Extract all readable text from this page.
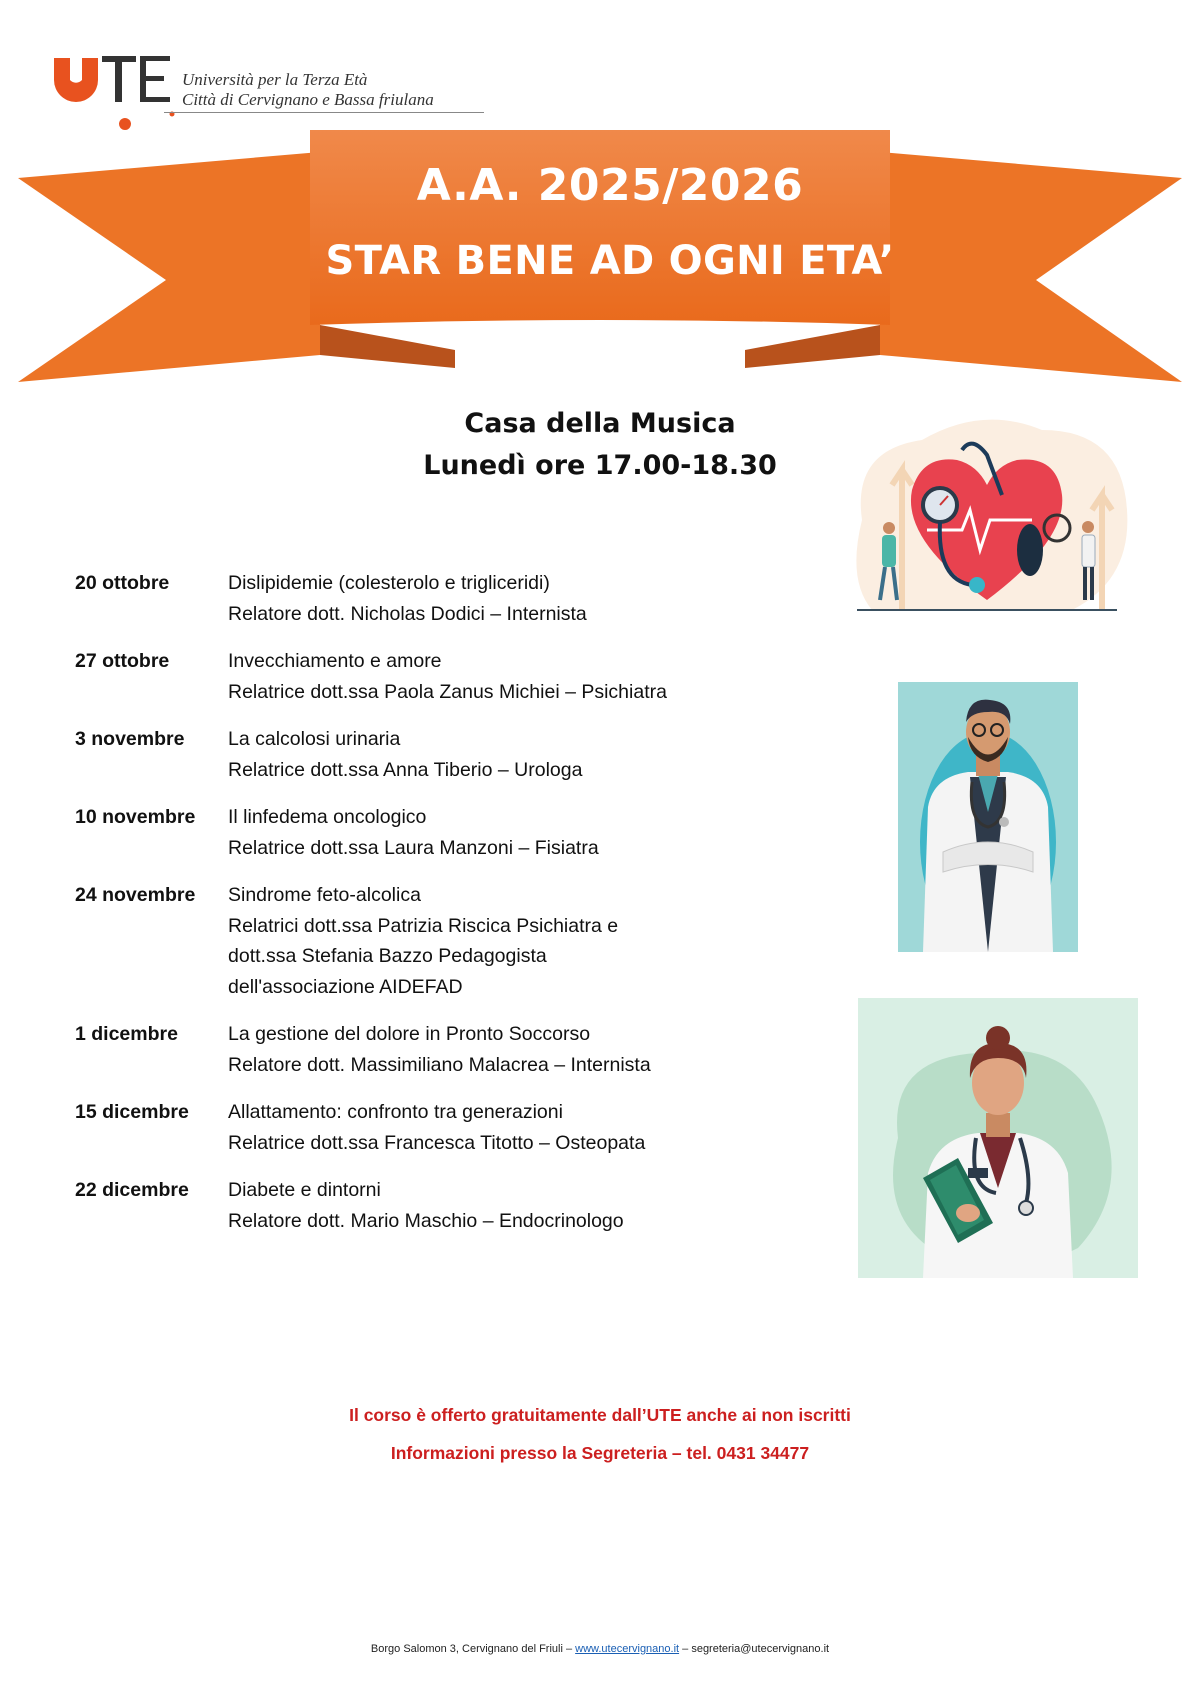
Università per la Terza Età
Città di Cervignano e Bassa friulana
A.A. 2025/2026
STAR BENE AD OGNI ETA’
Casa della Musica
Lunedì ore 17.00-18.30
20 ottobre	Dislipidemie (colesterolo e trigliceridi)
Relatore dott. Nicholas Dodici – Internista
27 ottobre	Invecchiamento e amore
Relatrice dott.ssa Paola Zanus Michiei – Psichiatra
3 novembre	La calcolosi urinaria
Relatrice dott.ssa Anna Tiberio – Urologa
10 novembre	Il linfedema oncologico
Relatrice dott.ssa Laura Manzoni – Fisiatra
24 novembre	Sindrome feto-alcolica
Relatrici dott.ssa Patrizia Riscica Psichiatra e
dott.ssa Stefania Bazzo Pedagogista
dell'associazione AIDEFAD
1 dicembre	La gestione del dolore in Pronto Soccorso
Relatore dott. Massimiliano Malacrea – Internista
15 dicembre	Allattamento: confronto tra generazioni
Relatrice dott.ssa Francesca Titotto – Osteopata
22 dicembre	Diabete e dintorni
Relatore dott. Mario Maschio – Endocrinologo
Il corso è offerto gratuitamente dall’UTE anche ai non iscritti
Informazioni presso la Segreteria – tel. 0431 34477
Borgo Salomon 3, Cervignano del Friuli – www.utecervignano.it – segreteria@utecervignano.it
